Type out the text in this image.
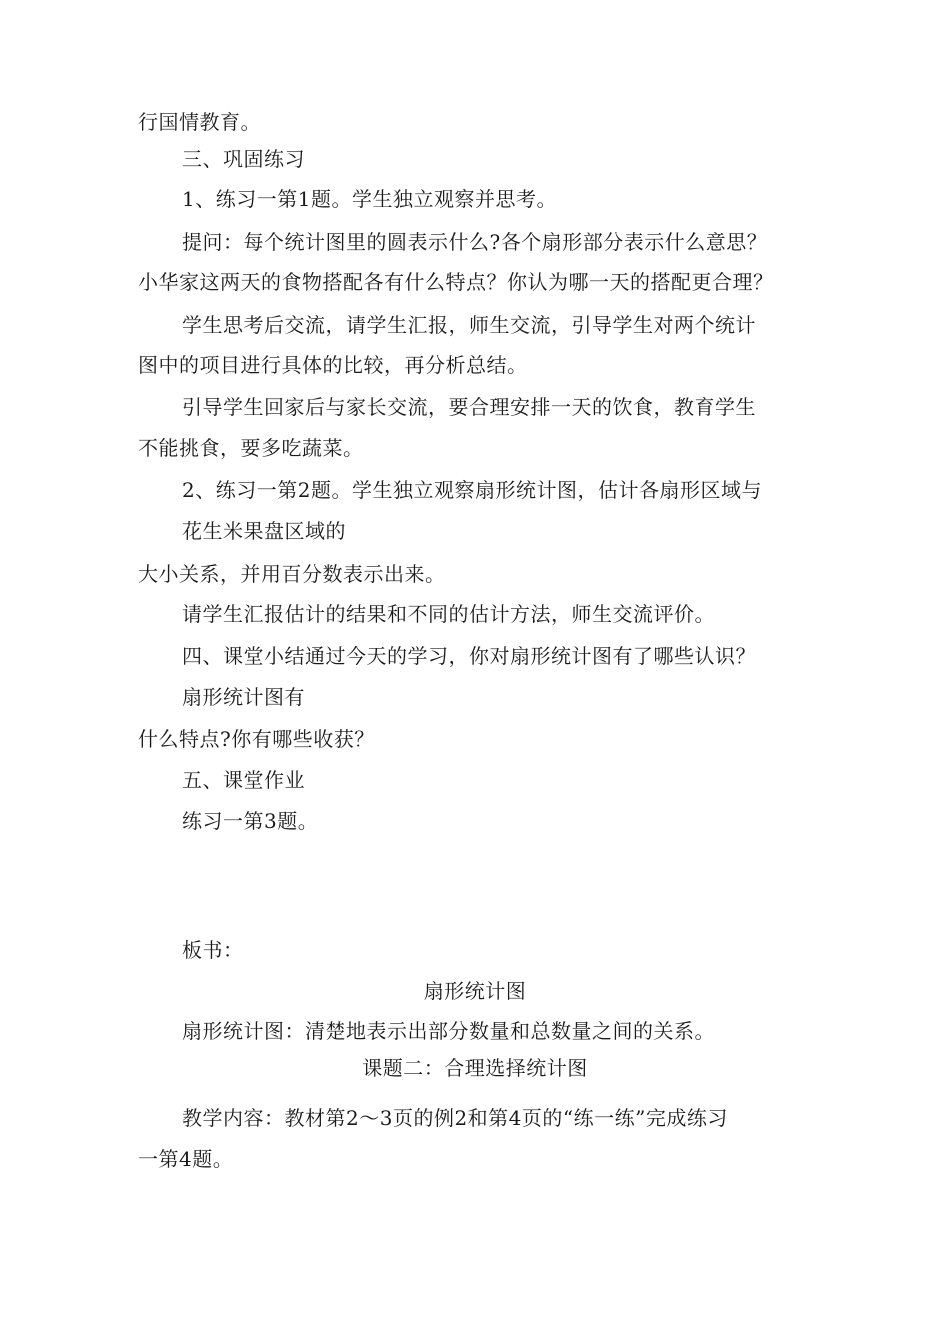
行国情教育。
三、巩固练习
1、练习一第1题。学生独立观察并思考。
提问：每个统计图里的圆表示什么?各个扇形部分表示什么意思？
小华家这两天的食物搭配各有什么特点？你认为哪一天的搭配更合理？
学生思考后交流，请学生汇报，师生交流，引导学生对两个统计
图中的项目进行具体的比较，再分析总结。
引导学生回家后与家长交流，要合理安排一天的饮食，教育学生
不能挑食，要多吃蔬菜。
2、练习一第2题。学生独立观察扇形统计图，估计各扇形区域与
花生米果盘区域的
大小关系，并用百分数表示出来。
请学生汇报估计的结果和不同的估计方法，师生交流评价。
四、课堂小结通过今天的学习，你对扇形统计图有了哪些认识？
扇形统计图有
什么特点?你有哪些收获？
五、课堂作业
练习一第3题。
板书：
扇形统计图
扇形统计图：清楚地表示出部分数量和总数量之间的关系。
课题二：合理选择统计图
教学内容：教材第2〜3页的例2和第4页的“练一练”完成练习
一第4题。
